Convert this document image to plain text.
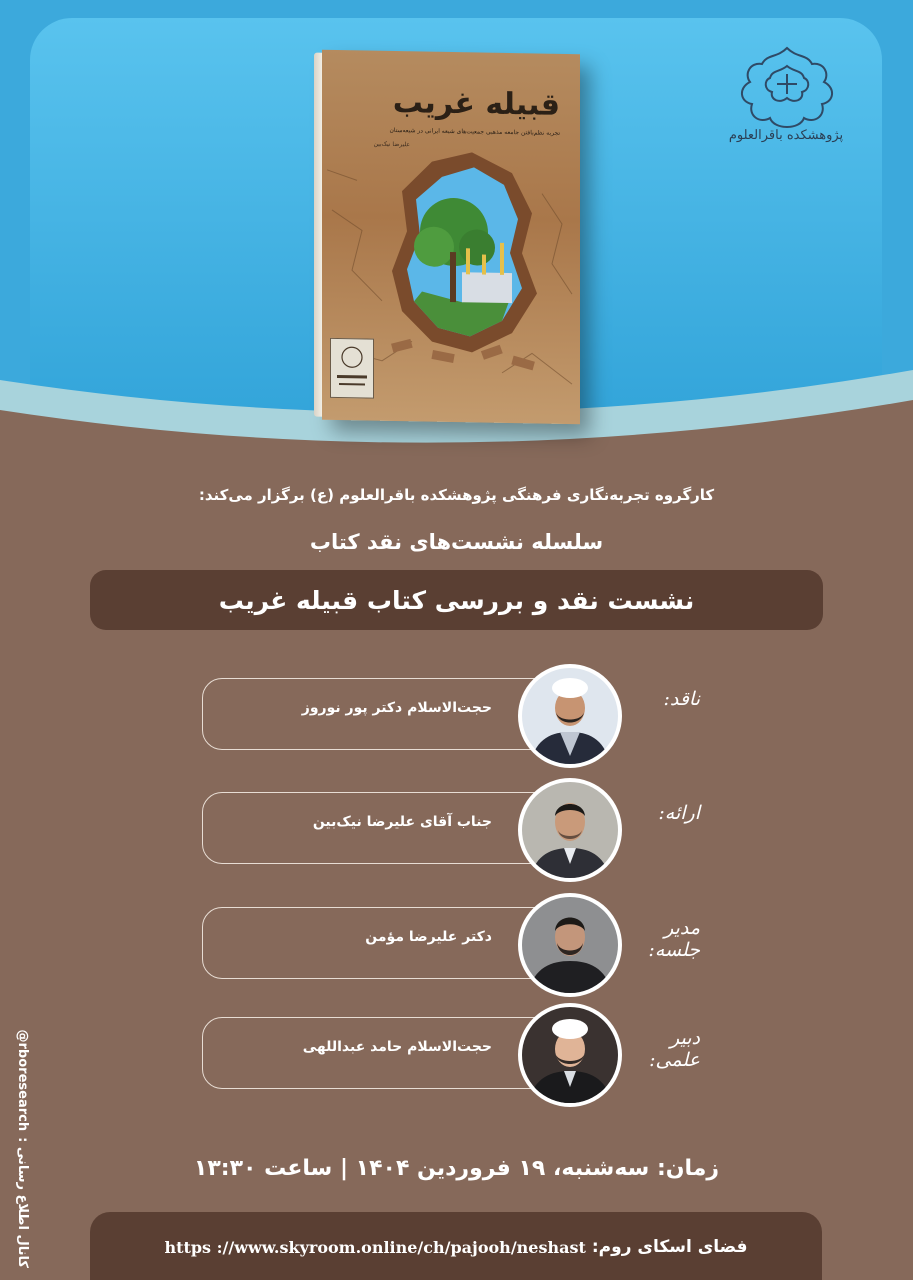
قبیله غریب
تجربه نظم‌یافتن جامعه مذهبی جمعیت‌های شیعه ایرانی در شیعه‌ستان
علیرضا نیک‌بین
پژوهشکده باقرالعلوم
کارگروه تجربه‌نگاری فرهنگی پژوهشکده باقرالعلوم (ع) برگزار می‌کند:
سلسله نشست‌های نقد کتاب
نشست نقد و بررسی کتاب قبیله غریب
ناقد:
حجت‌الاسلام دکتر پور نوروز
ارائه:
جناب آقای علیرضا نیک‌بین
مدیر جلسه:
دکتر علیرضا مؤمن
دبیر علمی:
حجت‌الاسلام حامد عبداللهی
زمان: سه‌شنبه، ۱۹ فروردین ۱۴۰۴ | ساعت ۱۳:۳۰
فضای اسکای روم:
https ://www.skyroom.online/ch/pajooh/neshast
کانال اطلاع رسانی :
@rboresearch
